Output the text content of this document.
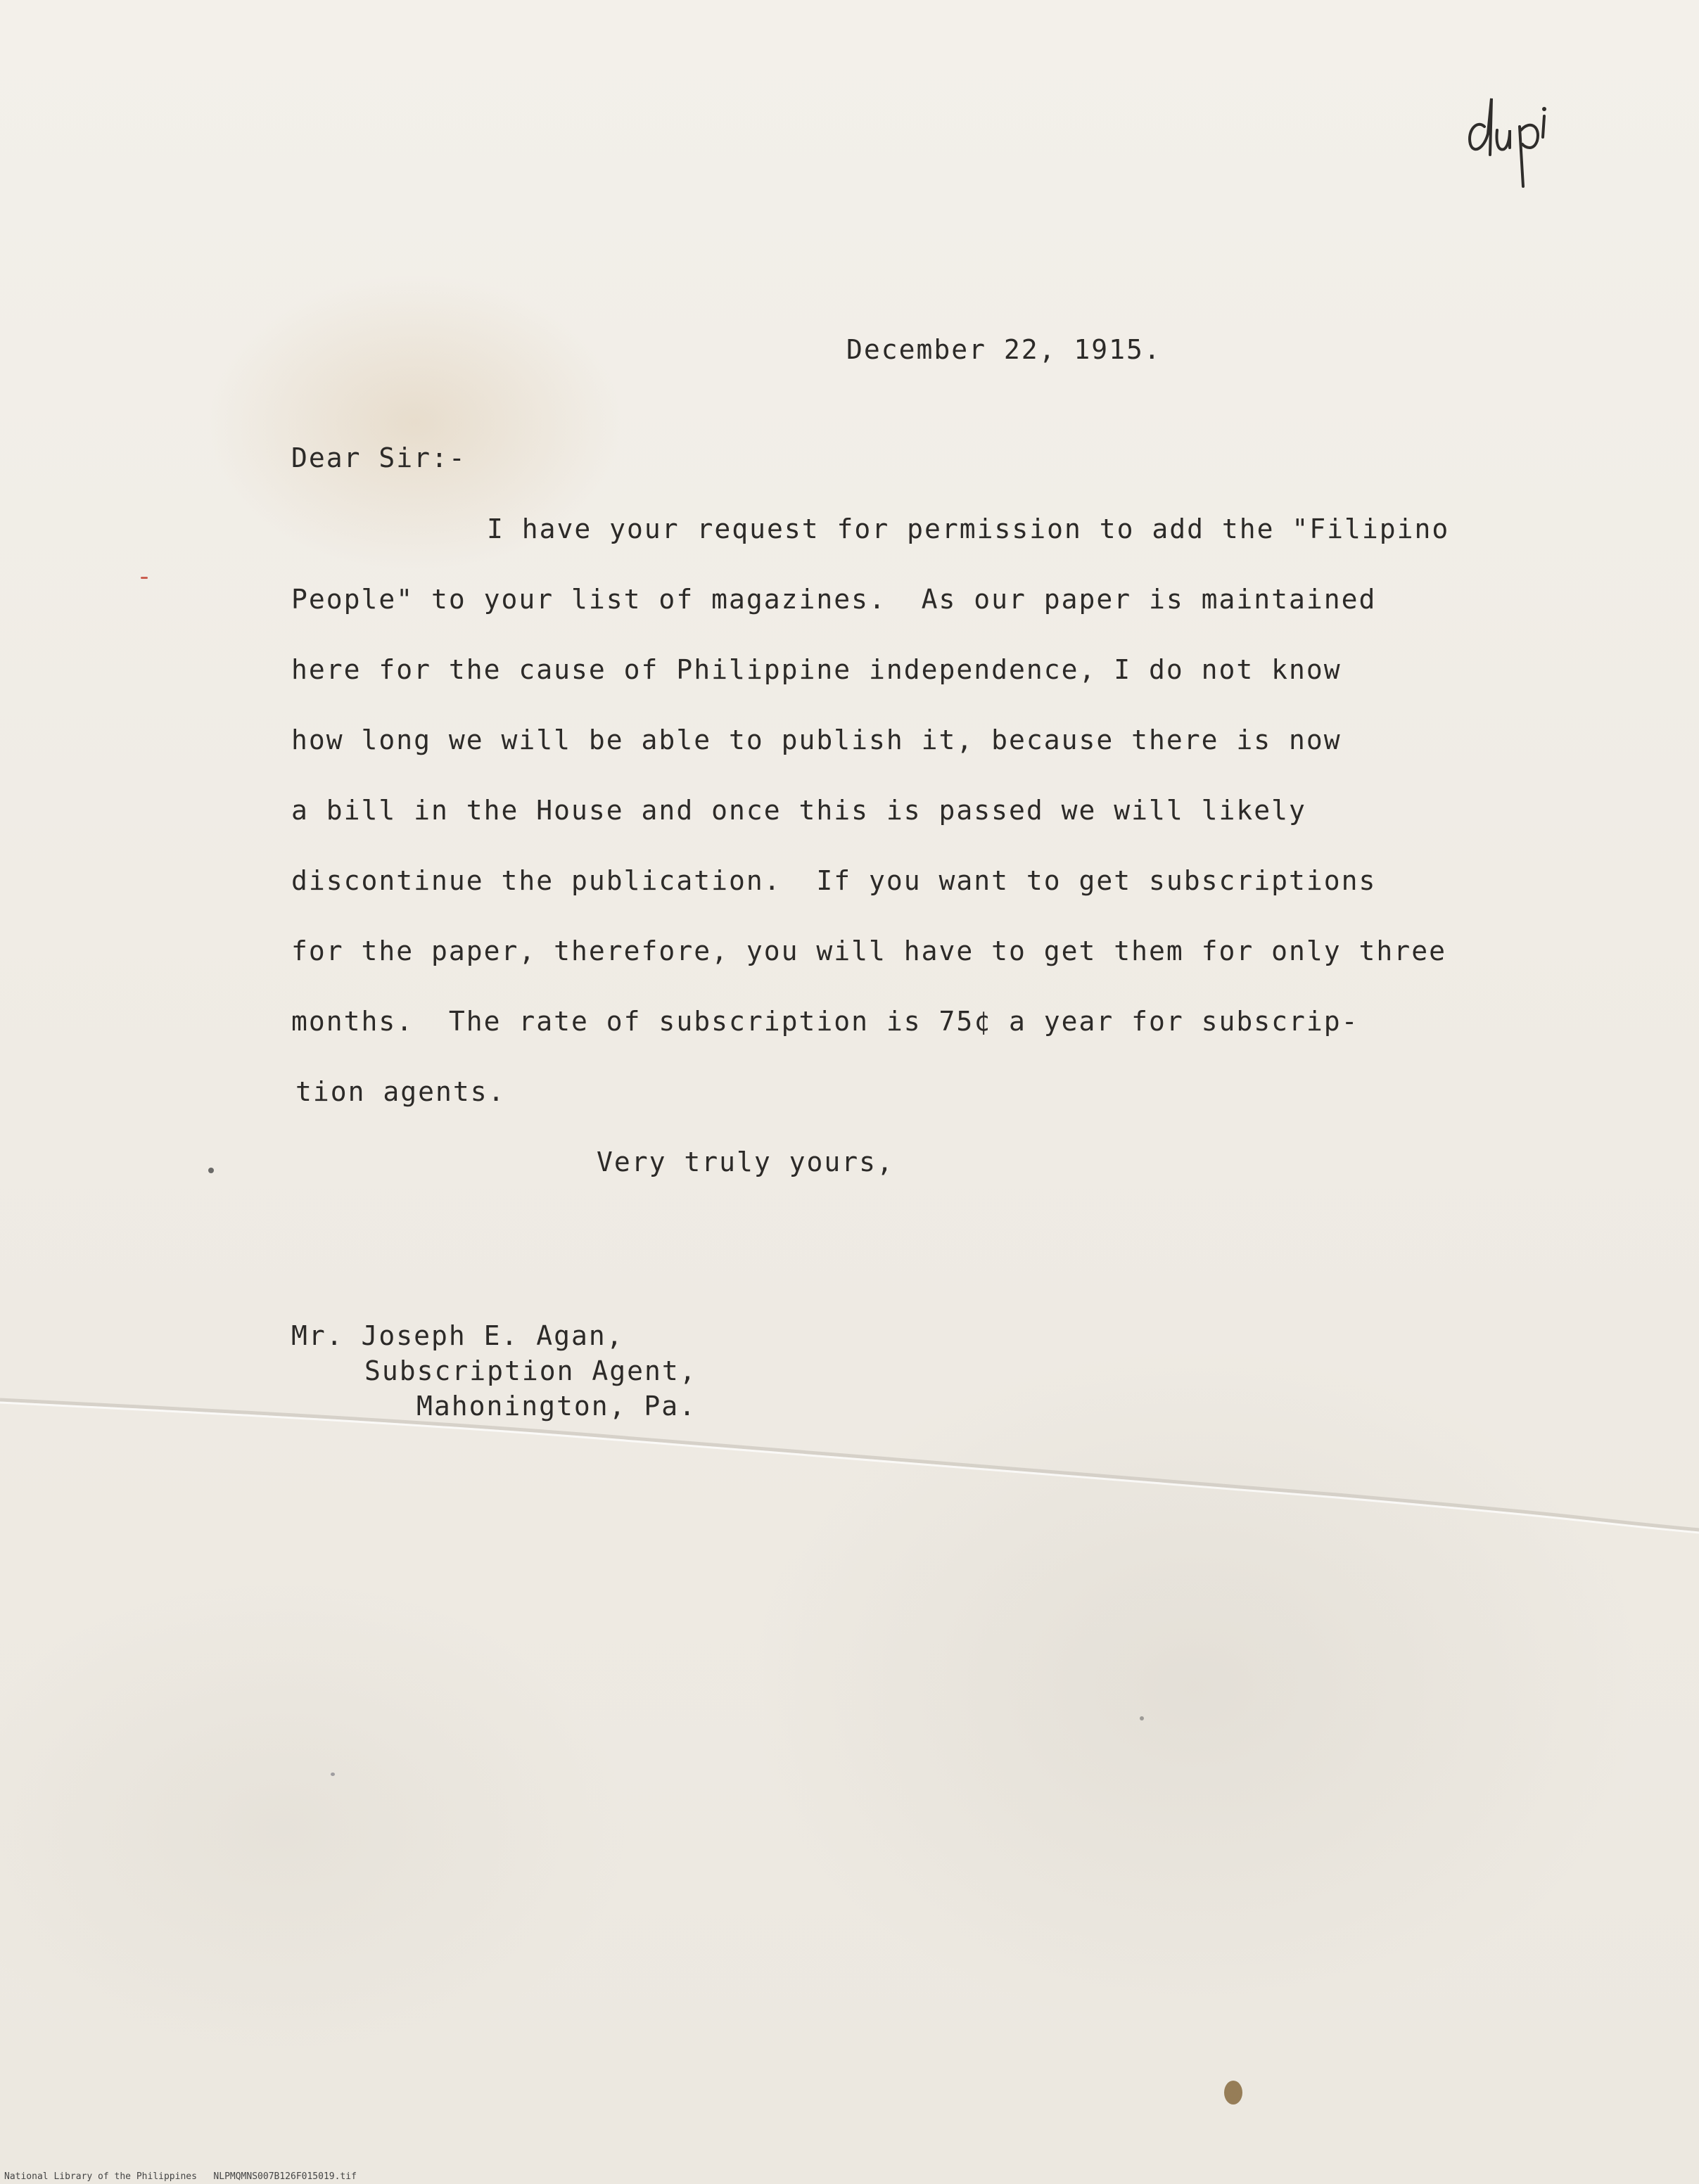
December 22, 1915.
Dear Sir:-
I have your request for permission to add the "Filipino
People" to your list of magazines.  As our paper is maintained
here for the cause of Philippine independence, I do not know
how long we will be able to publish it, because there is now
a bill in the House and once this is passed we will likely
discontinue the publication.  If you want to get subscriptions
for the paper, therefore, you will have to get them for only three
months.  The rate of subscription is 75¢ a year for subscrip-
tion agents.
Very truly yours,
Mr. Joseph E. Agan,
Subscription Agent,
Mahonington, Pa.
National Library of the Philippines NLPMQMNS007B126F015019.tif
